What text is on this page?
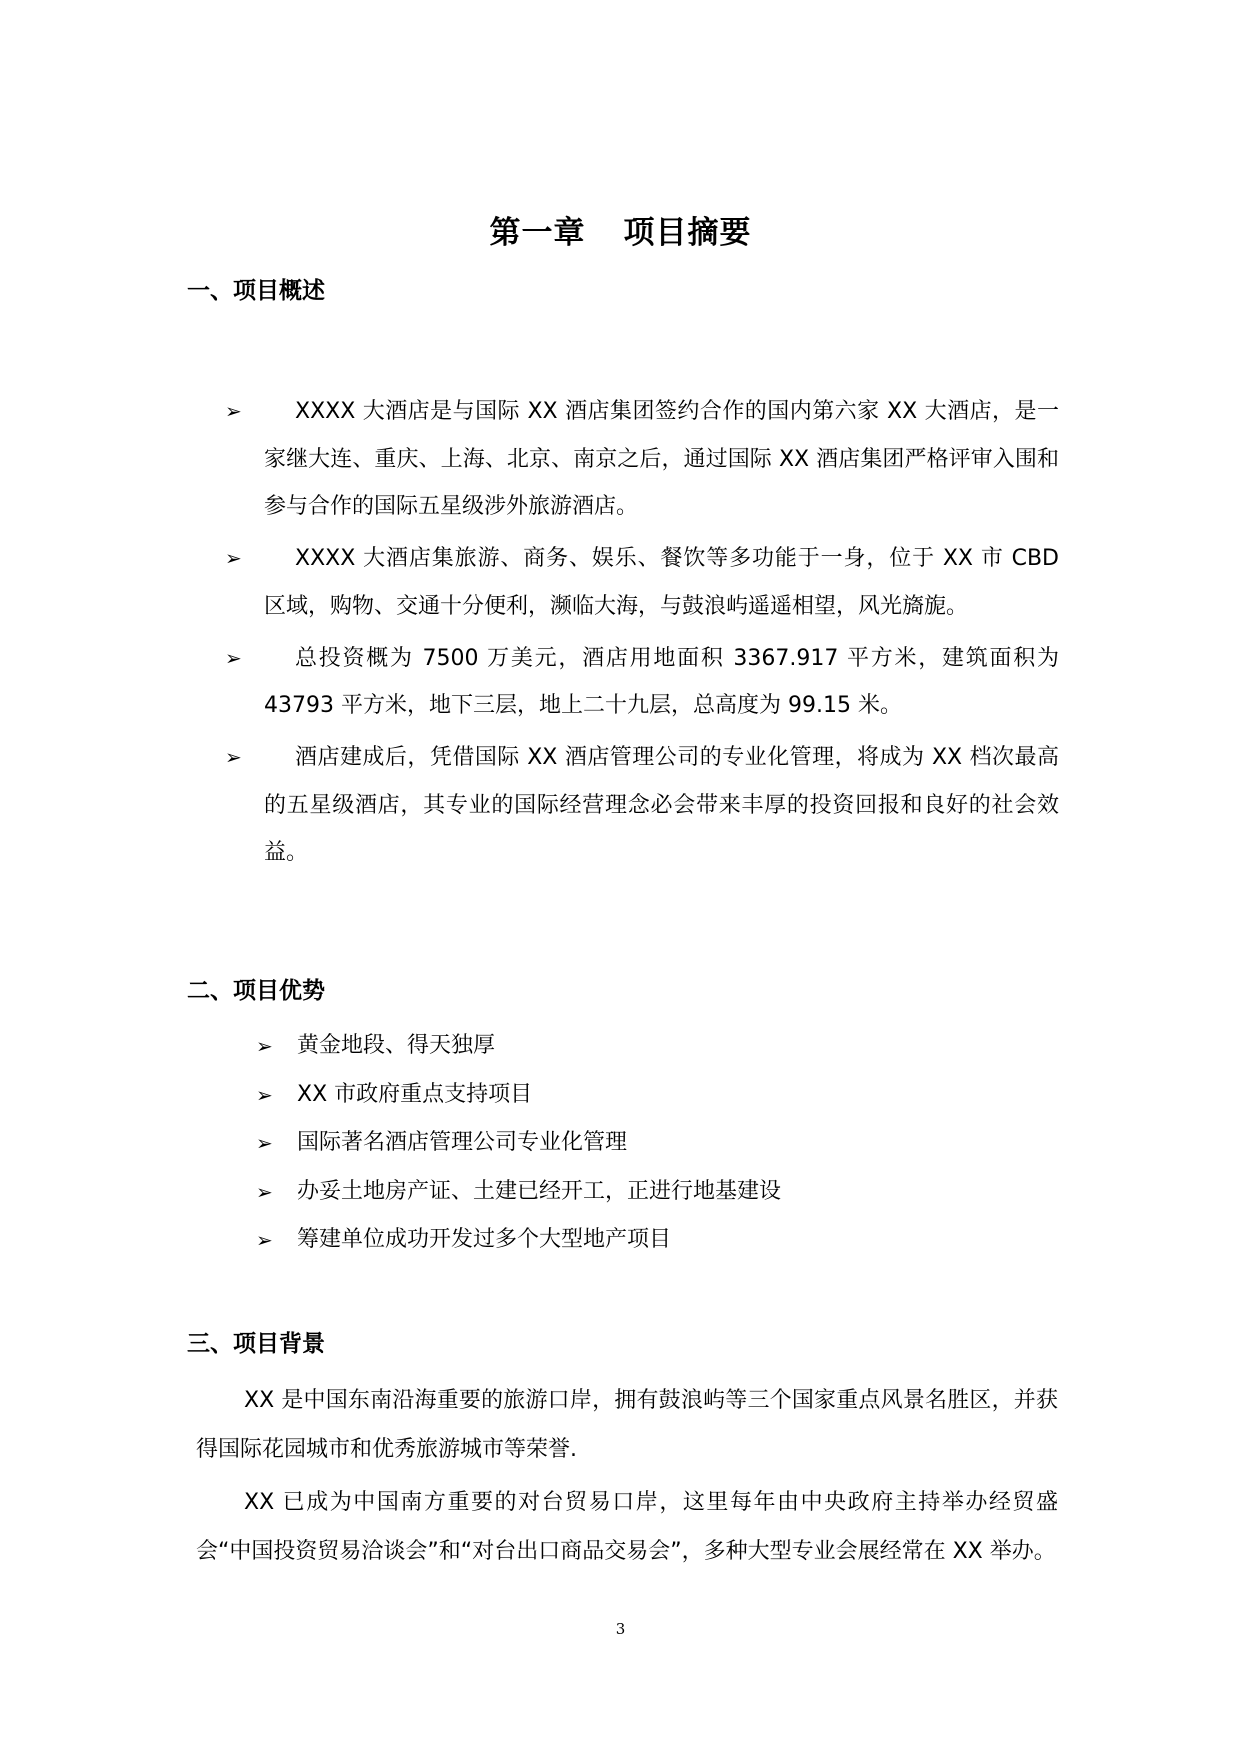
第一章 项目摘要
一、项目概述
➢ XXXX 大酒店是与国际 XX 酒店集团签约合作的国内第六家 XX 大酒店，是一家继大连、重庆、上海、北京、南京之后，通过国际 XX 酒店集团严格评审入围和参与合作的国际五星级涉外旅游酒店。
➢ XXXX 大酒店集旅游、商务、娱乐、餐饮等多功能于一身，位于 XX 市 CBD 区域，购物、交通十分便利，濒临大海，与鼓浪屿遥遥相望，风光旖旎。
➢ 总投资概为 7500 万美元，酒店用地面积 3367.917 平方米，建筑面积为 43793 平方米，地下三层，地上二十九层，总高度为 99.15 米。
➢ 酒店建成后，凭借国际 XX 酒店管理公司的专业化管理，将成为 XX 档次最高的五星级酒店，其专业的国际经营理念必会带来丰厚的投资回报和良好的社会效益。
二、项目优势
➢ 黄金地段、得天独厚
➢ XX 市政府重点支持项目
➢ 国际著名酒店管理公司专业化管理
➢ 办妥土地房产证、土建已经开工，正进行地基建设
➢ 筹建单位成功开发过多个大型地产项目
三、项目背景

XX 是中国东南沿海重要的旅游口岸，拥有鼓浪屿等三个国家重点风景名胜区，并获得国际花园城市和优秀旅游城市等荣誉.

XX 已成为中国南方重要的对台贸易口岸，这里每年由中央政府主持举办经贸盛会“中国投资贸易洽谈会”和“对台出口商品交易会”，多种大型专业会展经常在 XX 举办。

3
